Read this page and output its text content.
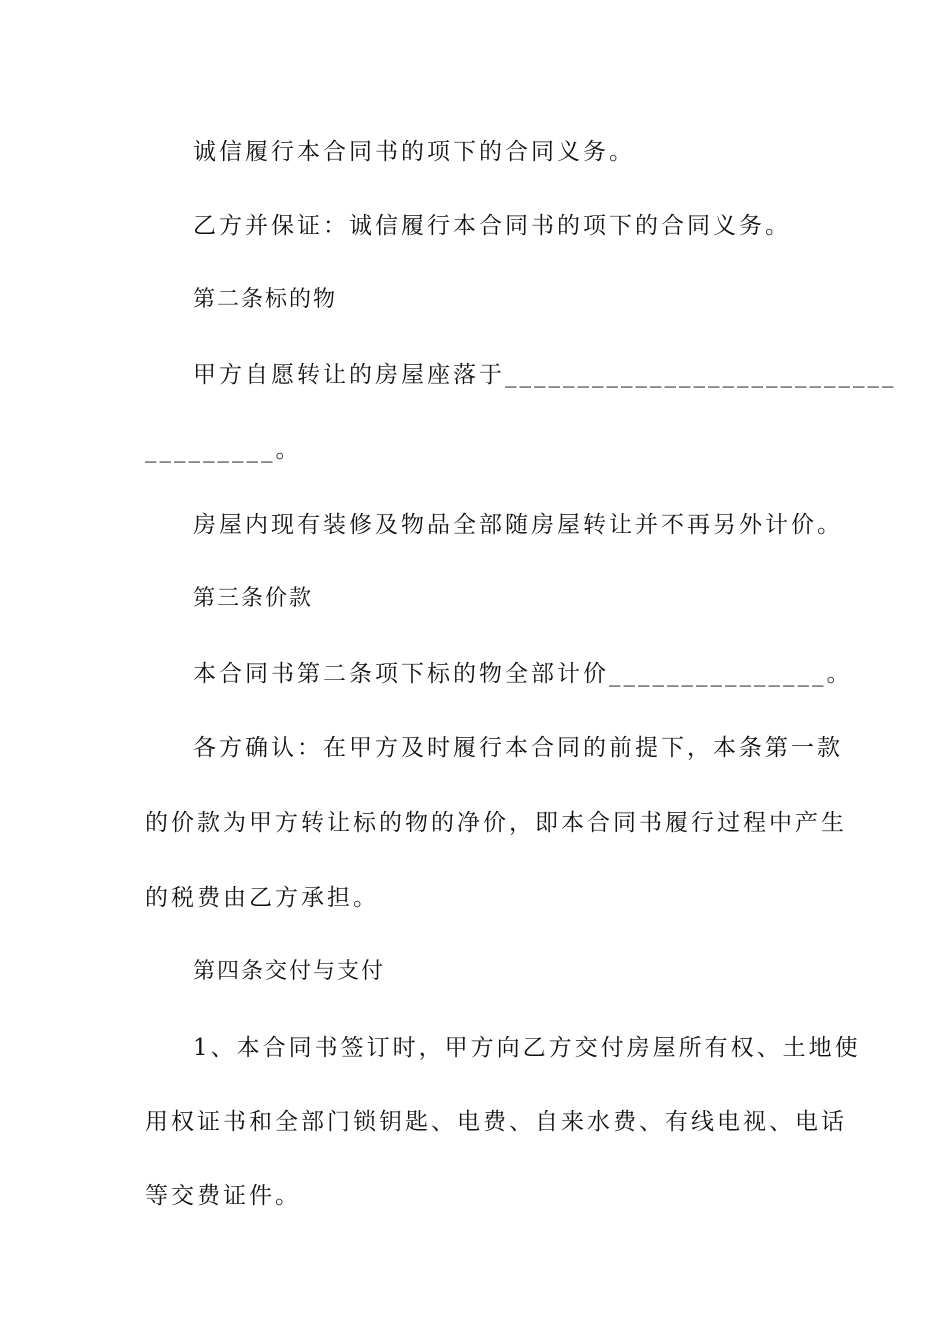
诚信履行本合同书的项下的合同义务。
乙方并保证：诚信履行本合同书的项下的合同义务。
第二条标的物
甲方自愿转让的房屋座落于___________________________
_________。
房屋内现有装修及物品全部随房屋转让并不再另外计价。
第三条价款
本合同书第二条项下标的物全部计价_______________。
各方确认：在甲方及时履行本合同的前提下，本条第一款
的价款为甲方转让标的物的净价，即本合同书履行过程中产生
的税费由乙方承担。
第四条交付与支付
1、本合同书签订时，甲方向乙方交付房屋所有权、土地使
用权证书和全部门锁钥匙、电费、自来水费、有线电视、电话
等交费证件。
